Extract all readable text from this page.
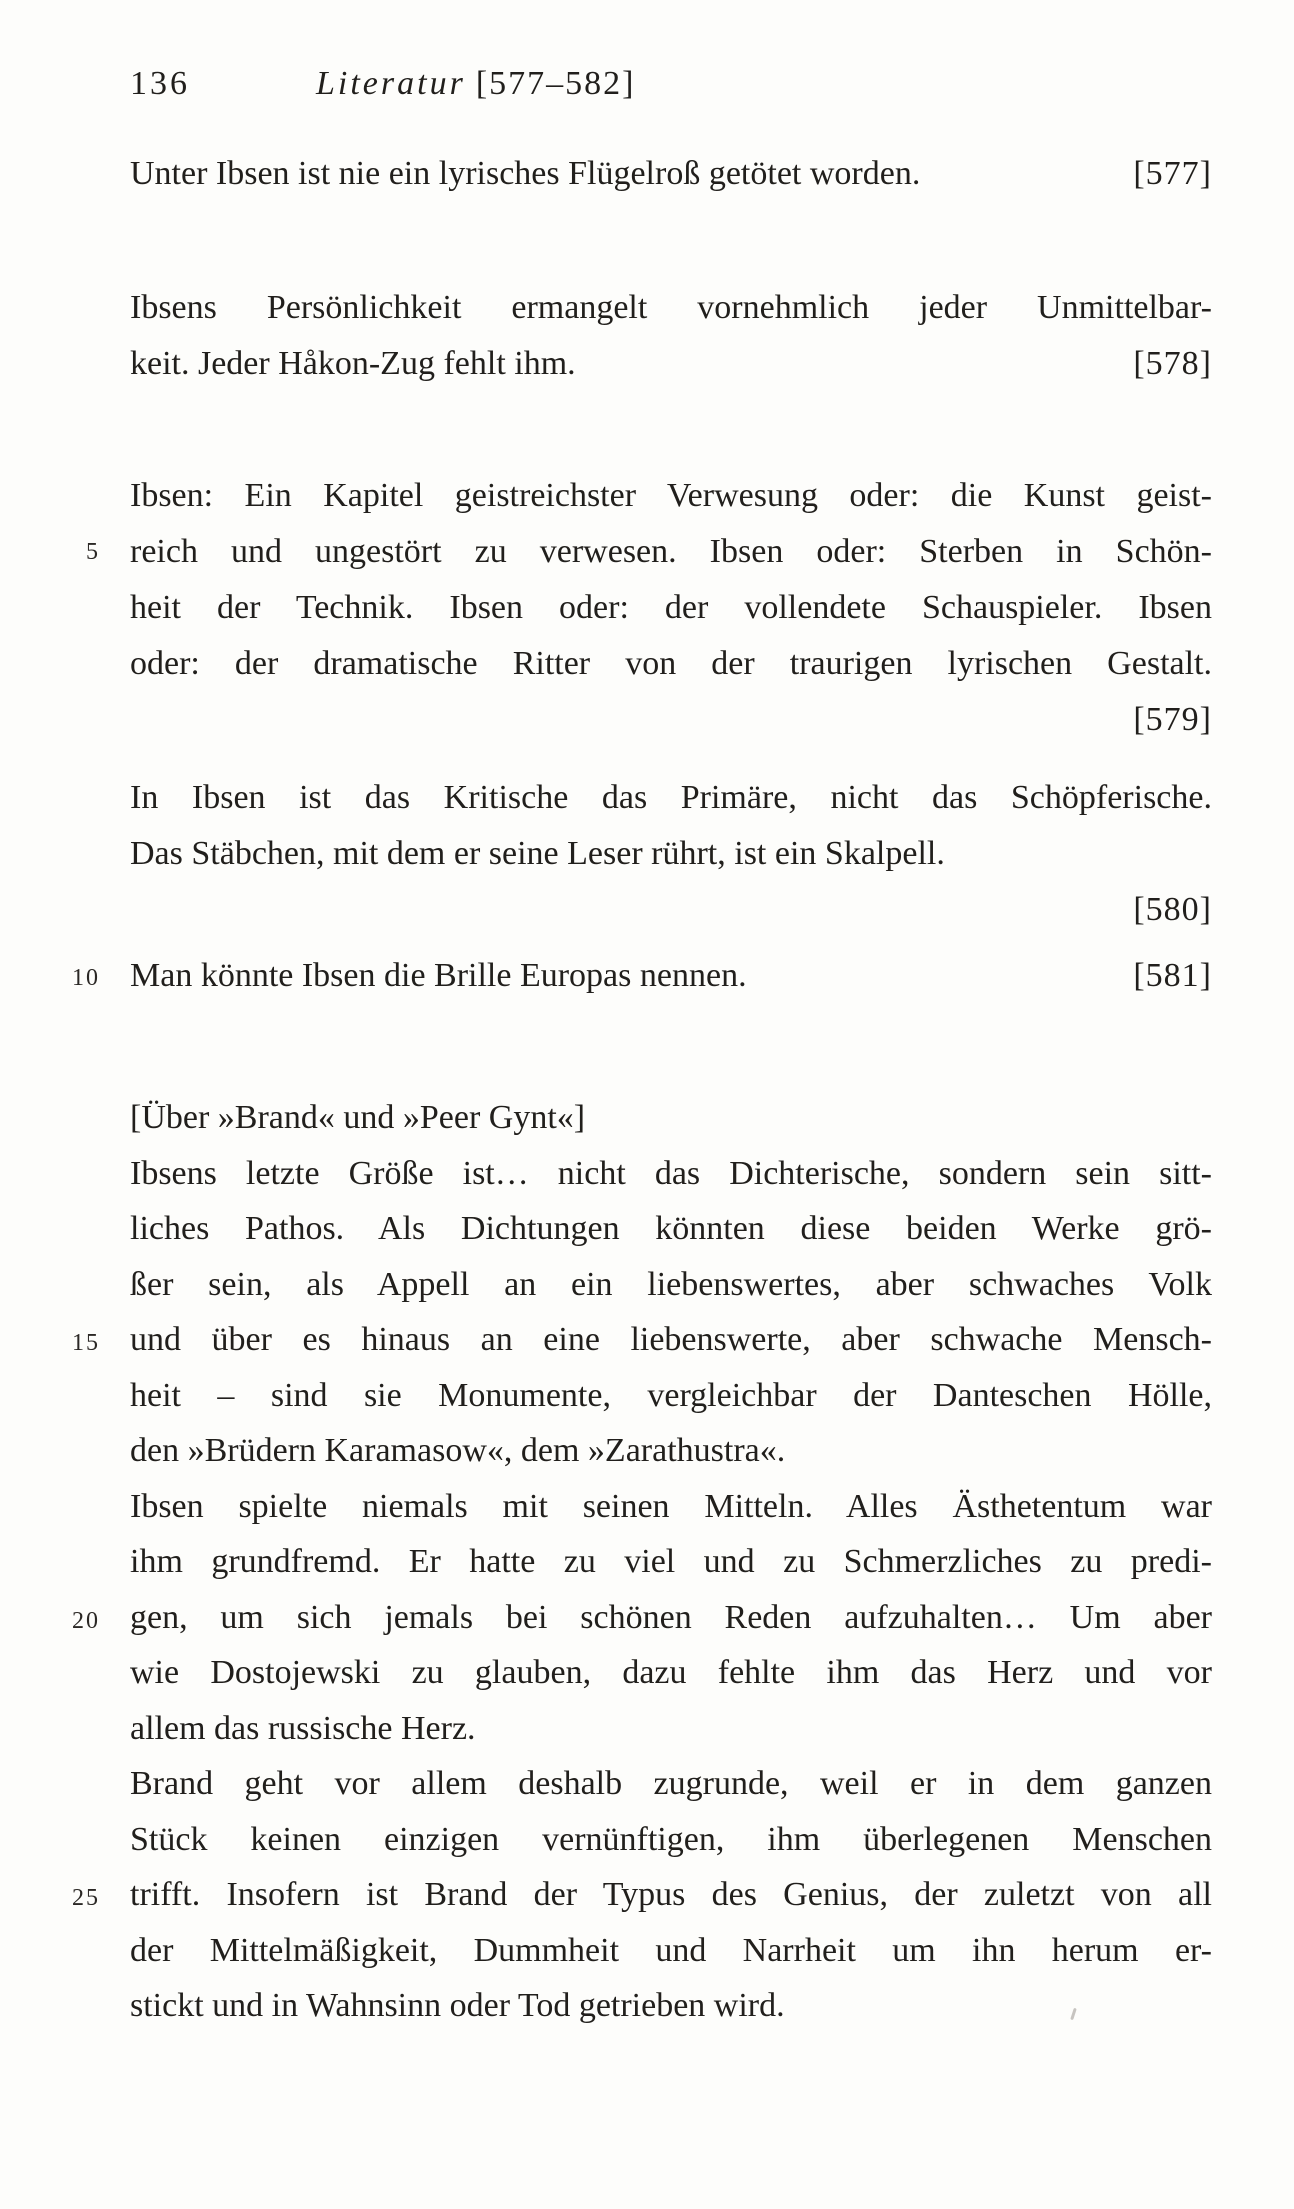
136	Literatur [577–582]
5
10
15
20
25
Unter Ibsen ist nie ein lyrisches Flügelroß getötet worden.	[577]
Ibsens Persönlichkeit ermangelt vornehmlich jeder Unmittelbar-
keit. Jeder Håkon-Zug fehlt ihm.	[578]
Ibsen: Ein Kapitel geistreichster Verwesung oder: die Kunst geist-
reich und ungestört zu verwesen. Ibsen oder: Sterben in Schön-
heit der Technik. Ibsen oder: der vollendete Schauspieler. Ibsen
oder: der dramatische Ritter von der traurigen lyrischen Gestalt.
[579]
In Ibsen ist das Kritische das Primäre, nicht das Schöpferische.
Das Stäbchen, mit dem er seine Leser rührt, ist ein Skalpell.
[580]
Man könnte Ibsen die Brille Europas nennen.	[581]
[Über »Brand« und »Peer Gynt«]
Ibsens letzte Größe ist… nicht das Dichterische, sondern sein sitt-
liches Pathos. Als Dichtungen könnten diese beiden Werke grö-
ßer sein, als Appell an ein liebenswertes, aber schwaches Volk
und über es hinaus an eine liebenswerte, aber schwache Mensch-
heit – sind sie Monumente, vergleichbar der Danteschen Hölle,
den »Brüdern Karamasow«, dem »Zarathustra«.
Ibsen spielte niemals mit seinen Mitteln. Alles Ästhetentum war
ihm grundfremd. Er hatte zu viel und zu Schmerzliches zu predi-
gen, um sich jemals bei schönen Reden aufzuhalten… Um aber
wie Dostojewski zu glauben, dazu fehlte ihm das Herz und vor
allem das russische Herz.
Brand geht vor allem deshalb zugrunde, weil er in dem ganzen
Stück keinen einzigen vernünftigen, ihm überlegenen Menschen
trifft. Insofern ist Brand der Typus des Genius, der zuletzt von all
der Mittelmäßigkeit, Dummheit und Narrheit um ihn herum er-
stickt und in Wahnsinn oder Tod getrieben wird.
